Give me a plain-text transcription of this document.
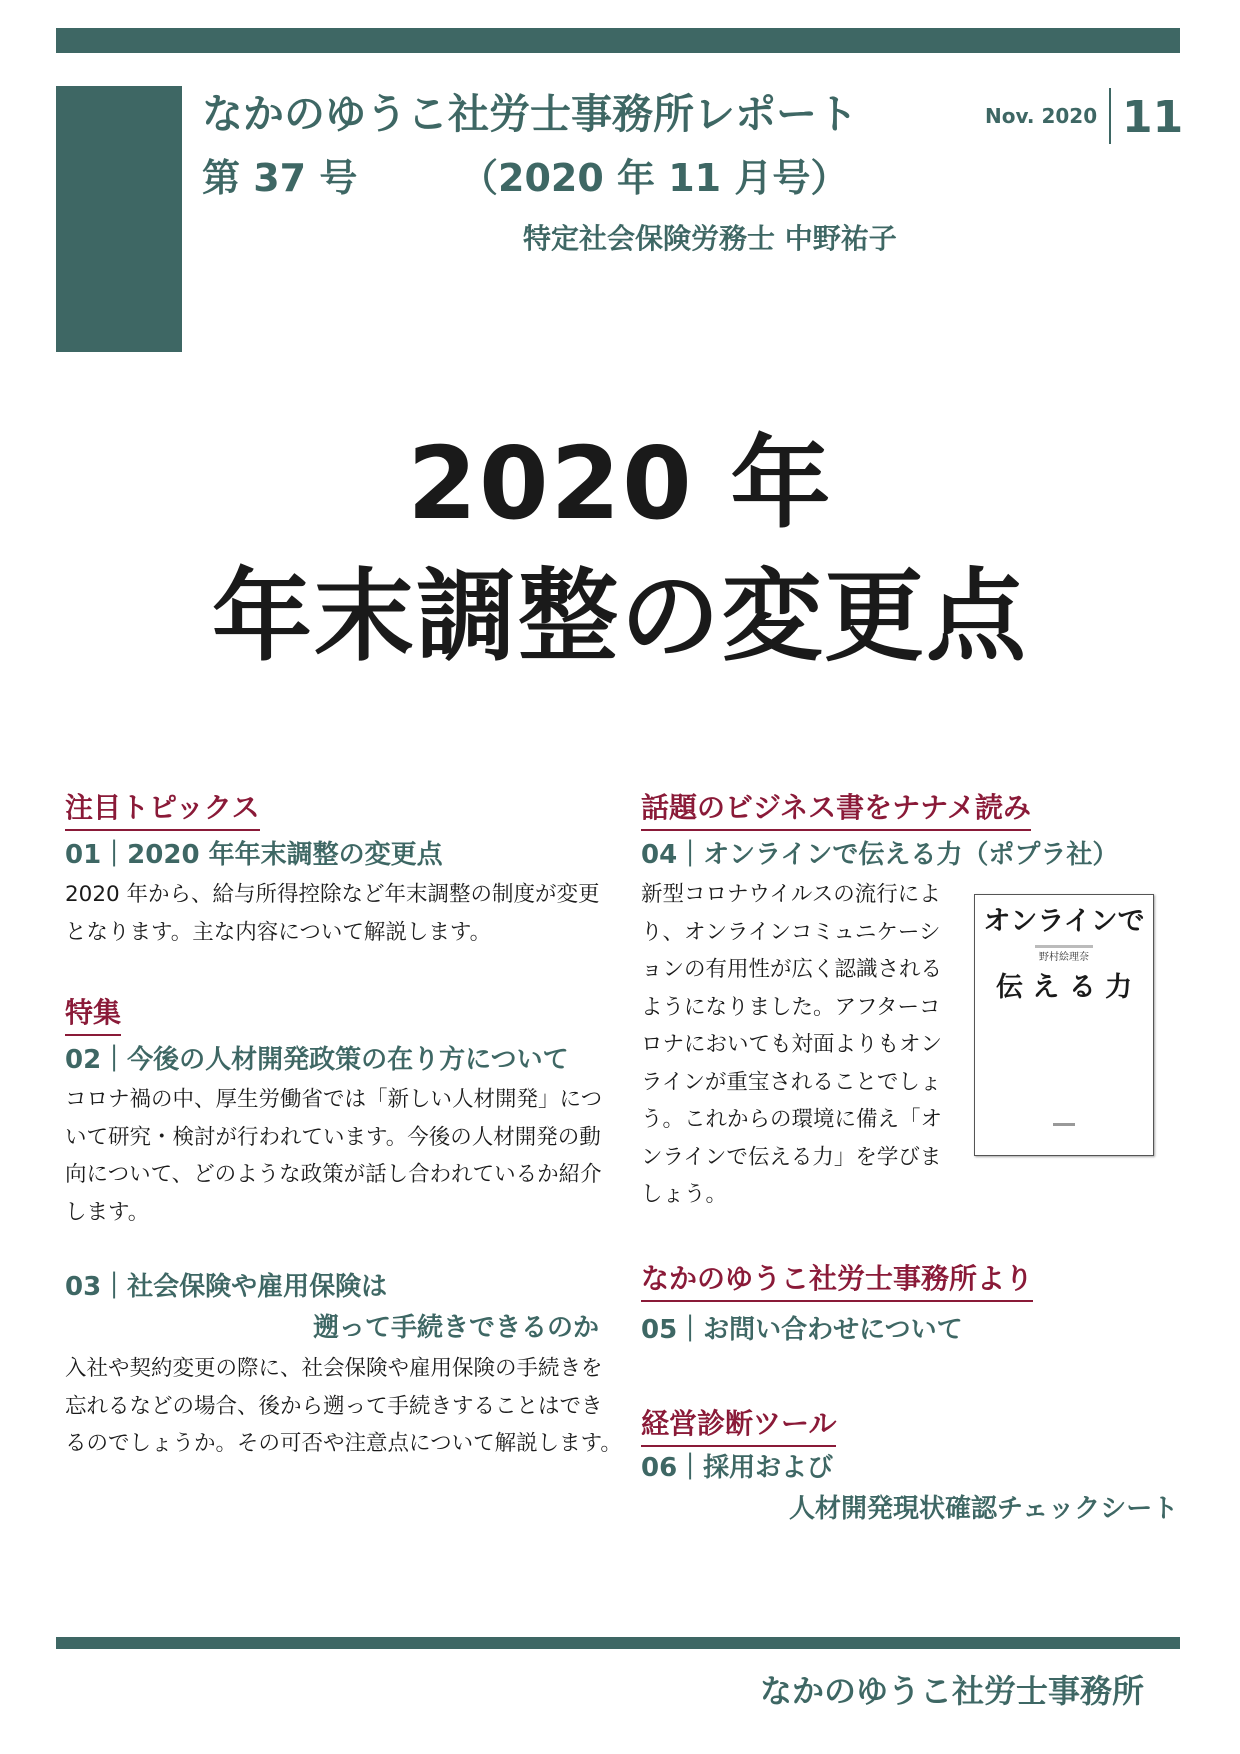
なかのゆうこ社労士事務所レポート
第 37 号	（2020 年 11 月号）
特定社会保険労務士 中野祐子
Nov. 2020 11
2020 年
年末調整の変更点
注目トピックス
01｜2020 年年末調整の変更点
2020 年から、給与所得控除など年末調整の制度が変更
となります。主な内容について解説します。
特集
02｜今後の人材開発政策の在り方について
コロナ禍の中、厚生労働省では「新しい人材開発」につ
いて研究・検討が行われています。今後の人材開発の動
向について、どのような政策が話し合われているか紹介
します。
03｜社会保険や雇用保険は
遡って手続きできるのか
入社や契約変更の際に、社会保険や雇用保険の手続きを
忘れるなどの場合、後から遡って手続きすることはでき
るのでしょうか。その可否や注意点について解説します。
話題のビジネス書をナナメ読み
04｜オンラインで伝える力（ポプラ社）
新型コロナウイルスの流行によ
り、オンラインコミュニケーシ
ョンの有用性が広く認識される
ようになりました。アフターコ
ロナにおいても対面よりもオン
ラインが重宝されることでしょ
う。これからの環境に備え「オ
ンラインで伝える力」を学びま
しょう。
オンラインで
野村絵理奈
伝 え る 力
なかのゆうこ社労士事務所より
05｜お問い合わせについて
経営診断ツール
06｜採用および
人材開発現状確認チェックシート
なかのゆうこ社労士事務所
